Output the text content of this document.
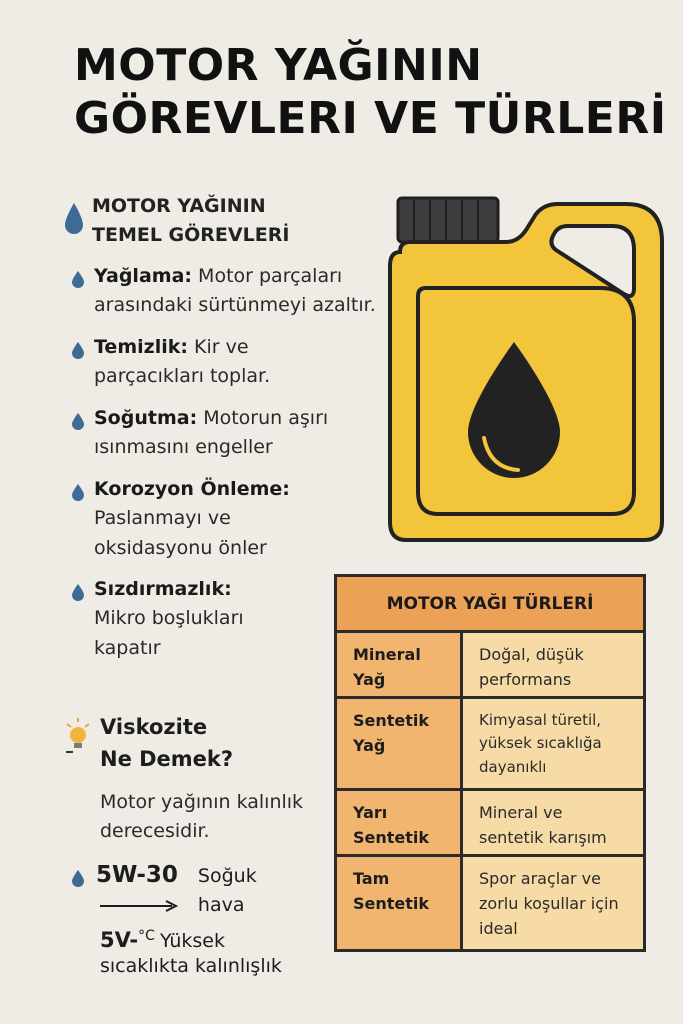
MOTOR YAĞININ
GÖREVLERI VE TÜRLERİ
MOTOR YAĞININ
TEMEL GÖREVLERİ
Yağlama: Motor parçaları arasındaki sürtünmeyi azaltır.
Temizlik: Kir ve parçacıkları toplar.
Soğutma: Motorun aşırı ısınmasını engeller
Korozyon Önleme: Paslanmayı ve oksidasyonu önler
Sızdırmazlık: Mikro boşlukları kapatır
Viskozite
Ne Demek?
Motor yağının kalınlık derecesidir.
5W-30 Soğuk hava
5V-°C Yüksek
sıcaklıkta kalınlışlık
MOTOR YAĞI TÜRLERİ
Mineral Yağ
Doğal, düşük performans
Sentetik Yağ
Kimyasal türetil, yüksek sıcaklığa dayanıklı
Yarı Sentetik
Mineral ve sentetik karışım
Tam Sentetik
Spor araçlar ve zorlu koşullar için ideal
